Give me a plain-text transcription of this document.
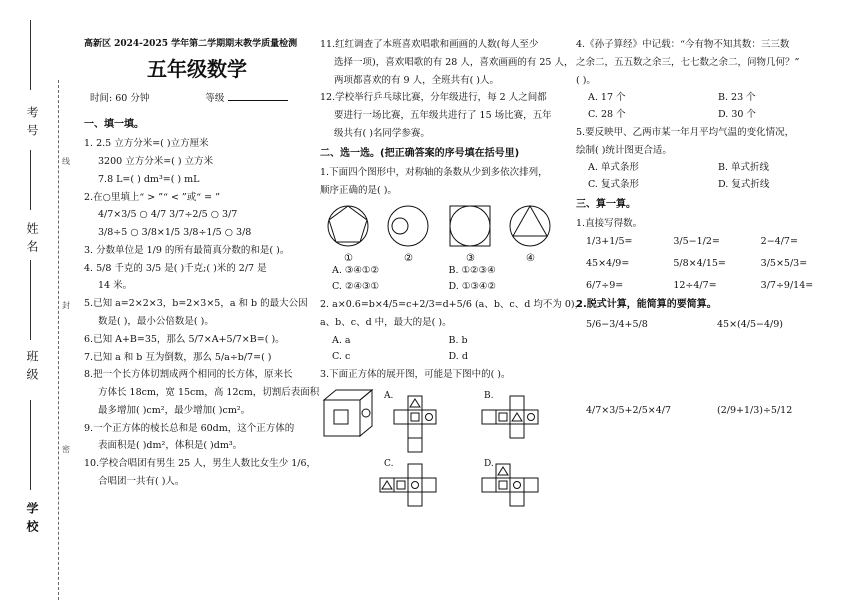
考号
姓名
班级
学校
线
封
密
高新区 2024-2025 学年第二学期期末教学质量检测
五年级数学
时间: 60 分钟	等级
一、填一填。
1. 2.5 立方分米=( )立方厘米
3200 立方分米=( ) 立方米
7.8 L=( ) dm³=( ) mL
2.在○里填上“ > ”“ < ”或“ = ”
4/7×3/5 ○ 4/7 3/7÷2/5 ○ 3/7
3/8÷5 ○ 3/8×1/5 3/8÷1/5 ○ 3/8
3. 分数单位是 1/9 的所有最简真分数的和是( )。
4. 5/8 千克的 3/5 是( )千克;( )米的 2/7 是
14 米。
5.已知 a=2×2×3，b=2×3×5，a 和 b 的最大公因
数是( )，最小公倍数是( )。
6.已知 A+B=35，那么 5/7×A+5/7×B=( )。
7.已知 a 和 b 互为倒数，那么 5/a÷b/7=( )
8.把一个长方体切割成两个相同的长方体，原来长
方体长 18cm，宽 15cm，高 12cm，切割后表面积
最多增加( )cm²，最少增加( )cm²。
9.一个正方体的棱长总和是 60dm，这个正方体的
表面积是( )dm²，体积是( )dm³。
10.学校合唱团有男生 25 人，男生人数比女生少 1/6，
合唱团一共有( )人。
11.红红调查了本班喜欢唱歌和画画的人数(每人至少
选择一项)，喜欢唱歌的有 28 人，喜欢画画的有 25 人，
两项都喜欢的有 9 人，全班共有( )人。
12.学校举行乒乓球比赛，分年级进行，每 2 人之间都
要进行一场比赛，五年级共进行了 15 场比赛，五年
级共有( )名同学参赛。
二、选一选。(把正确答案的序号填在括号里)
1.下面四个图形中，对称轴的条数从少到多依次排列，
顺序正确的是( )。
①	②	③	④
A. ③④①②	B. ①②③④
C. ②④③①	D. ①③④②
2. a×0.6=b×4/5=c+2/3=d+5/6 (a、b、c、d 均不为 0)，
a、b、c、d 中，最大的是( )。
A. a	B. b
C. c	D. d
3.下面正方体的展开图，可能是下图中的( )。
A.	B.
C.	D.
4.《孙子算经》中记载：“今有物不知其数：三三数
之余二，五五数之余三，七七数之余二，问物几何？”
( )。
A. 17 个	B. 23 个
C. 28 个	D. 30 个
5.要反映甲、乙两市某一年月平均气温的变化情况，
绘制( )统计图更合适。
A. 单式条形	B. 单式折线
C. 复式条形	D. 复式折线
三、算一算。
1.直接写得数。
1/3+1/5=	3/5−1/2=	2−4/7=
45×4/9=	5/8×4/15=	3/5×5/3=
6/7÷9=	12÷4/7=	3/7÷9/14=
2.脱式计算，能简算的要简算。
5/6−3/4+5/8	45×(4/5−4/9)
4/7×3/5+2/5×4/7	(2/9+1/3)÷5/12
